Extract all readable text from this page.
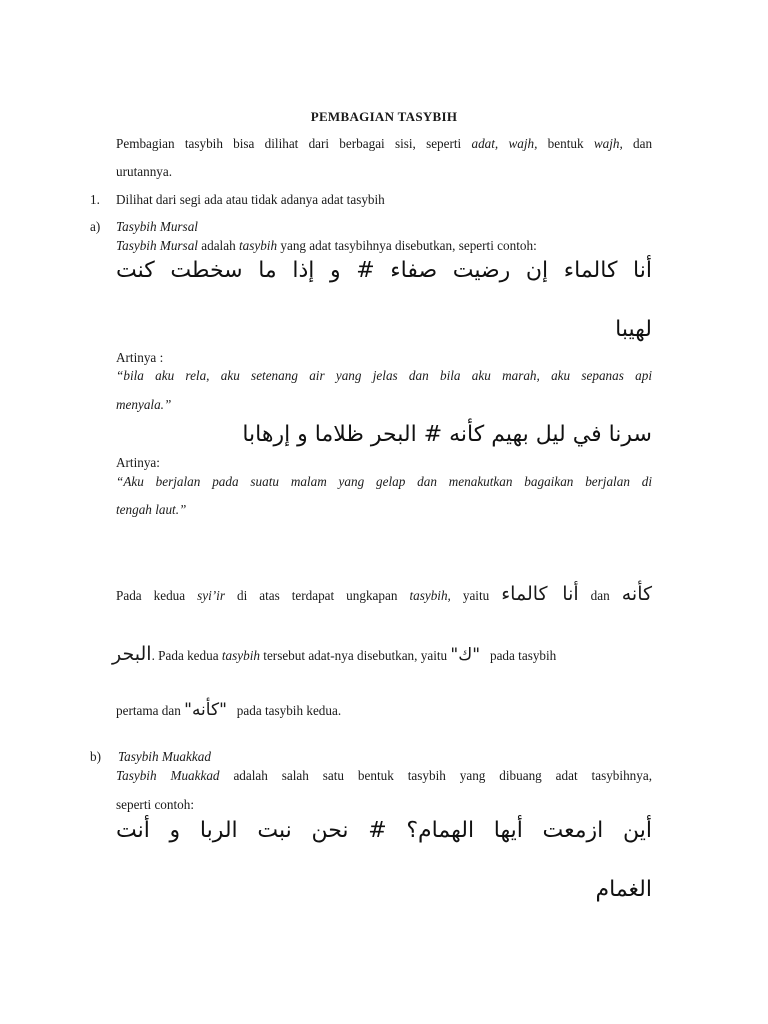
PEMBAGIAN TASYBIH
Pembagian tasybih bisa dilihat dari berbagai sisi, seperti adat, wajh, bentuk wajh, dan
urutannya.
1. Dilihat dari segi ada atau tidak adanya adat tasybih
a) Tasybih Mursal
Tasybih Mursal adalah tasybih yang adat tasybihnya disebutkan, seperti contoh:
أنا كالماء إن رضيت صفاء # و إذا ما سخطت كنت
لهيبا
Artinya :
“bila aku rela, aku setenang air yang jelas dan bila aku marah, aku sepanas api
menyala.”
سرنا في ليل بهيم كأنه # البحر ظلاما و إرهابا
Artinya:
“Aku berjalan pada suatu malam yang gelap dan menakutkan bagaikan berjalan di
tengah laut.”
Pada kedua syi’ir di atas terdapat ungkapan tasybih, yaitu أنا كالماء dan كأنه
البحر. Pada kedua tasybih tersebut adat-nya disebutkan, yaitu "ك" pada tasybih
pertama dan "كأنه" pada tasybih kedua.
b) Tasybih Muakkad
Tasybih Muakkad adalah salah satu bentuk tasybih yang dibuang adat tasybihnya,
seperti contoh:
أين ازمعت أيها الهمام؟ # نحن نبت الربا و أنت
الغمام
